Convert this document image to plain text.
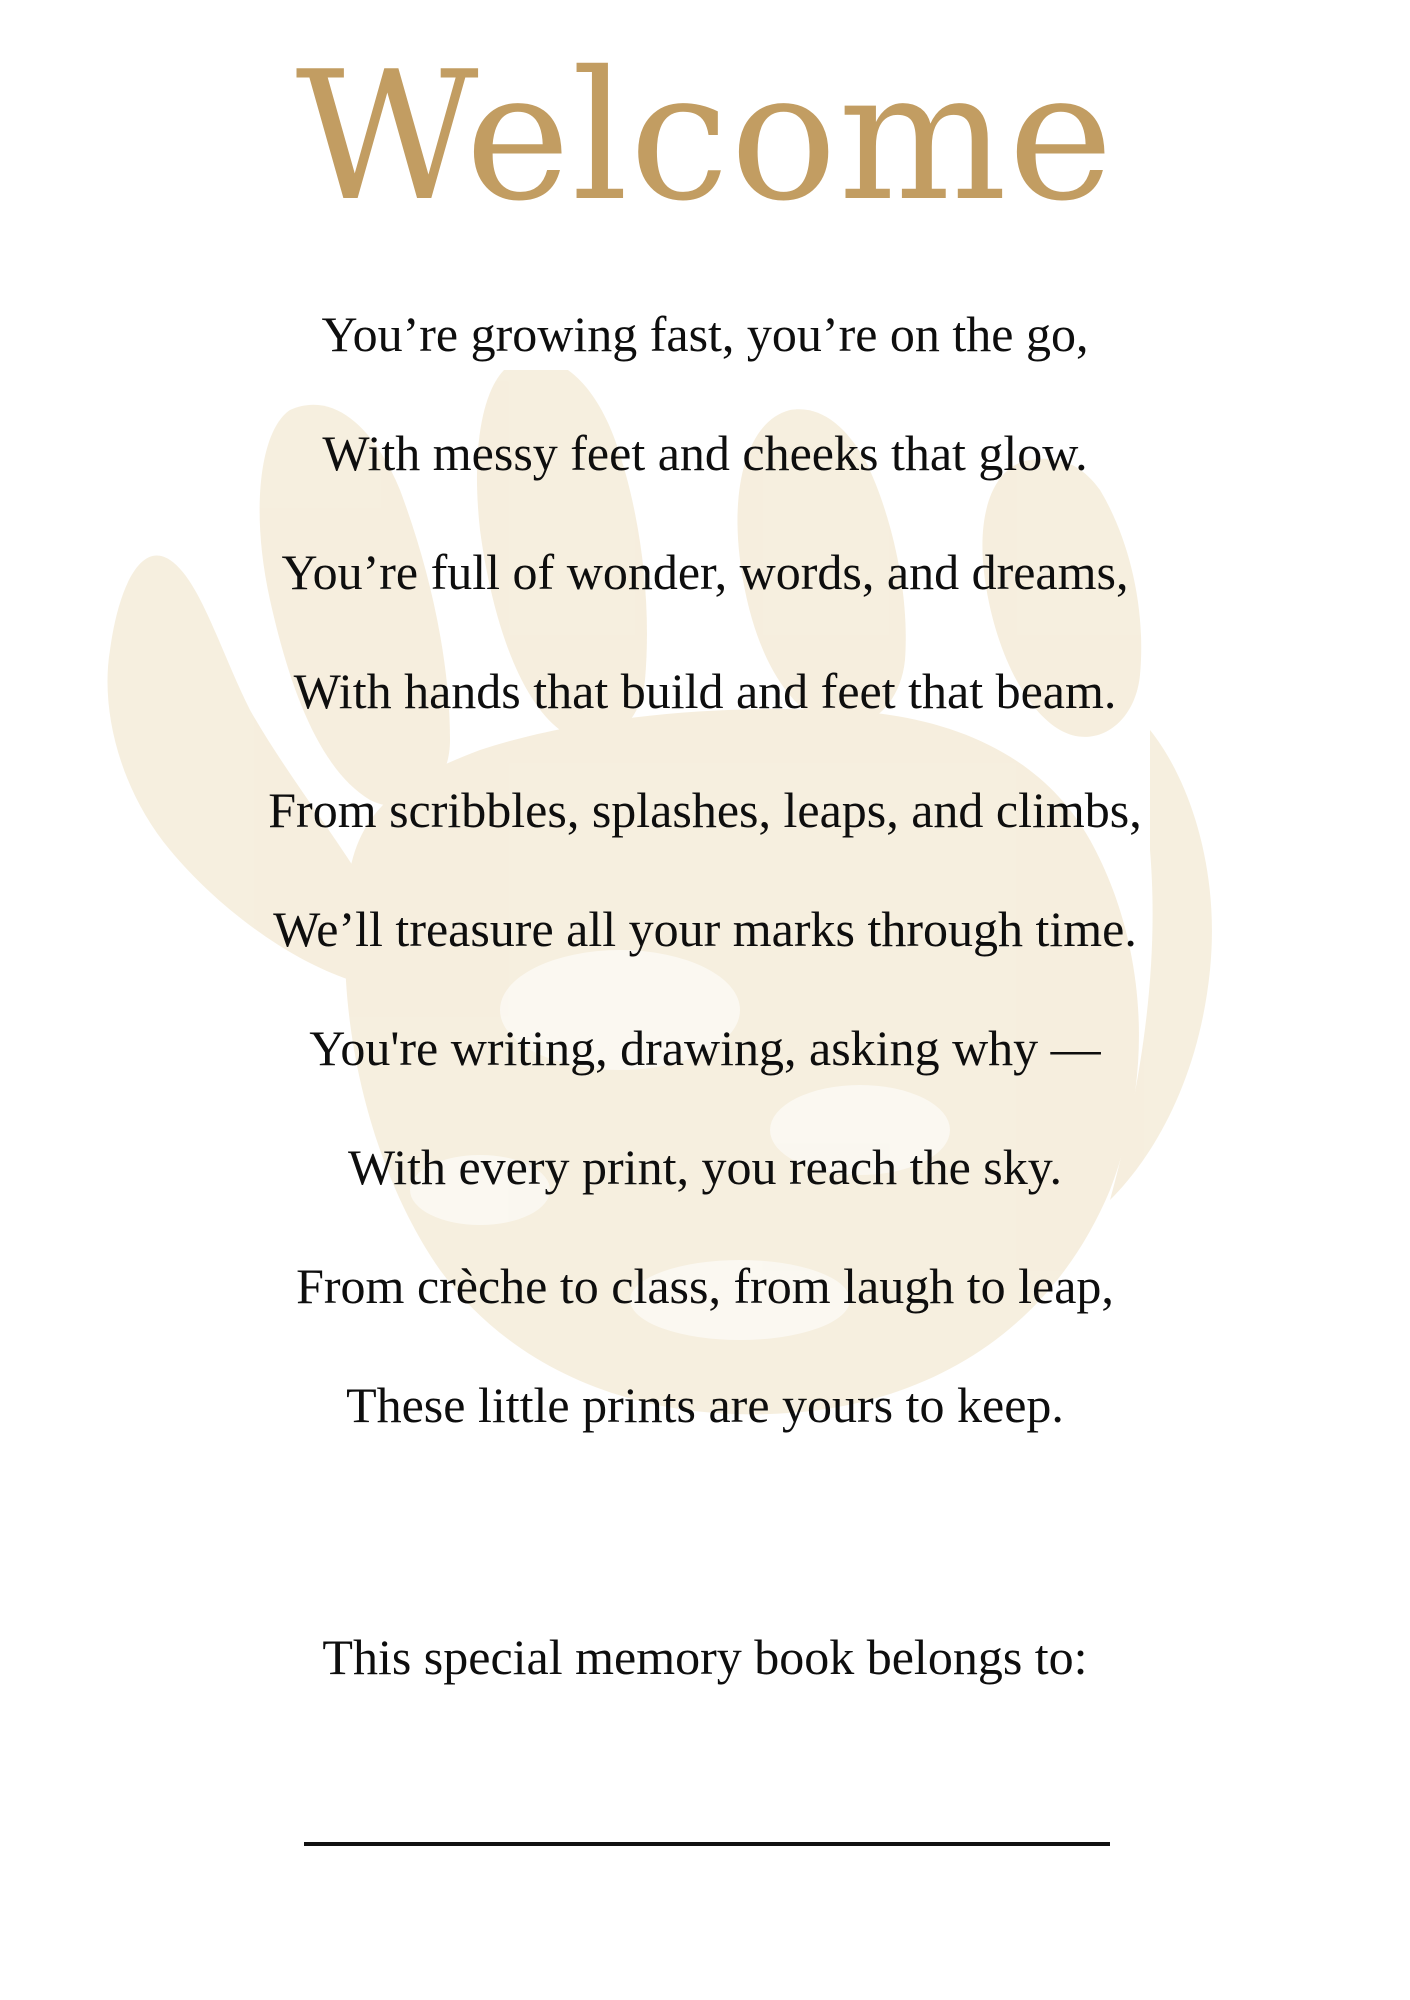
Welcome
You’re growing fast, you’re on the go,
With messy feet and cheeks that glow.
You’re full of wonder, words, and dreams,
With hands that build and feet that beam.
From scribbles, splashes, leaps, and climbs,
We’ll treasure all your marks through time.
You're writing, drawing, asking why —
With every print, you reach the sky.
From crèche to class, from laugh to leap,
These little prints are yours to keep.
This special memory book belongs to:
